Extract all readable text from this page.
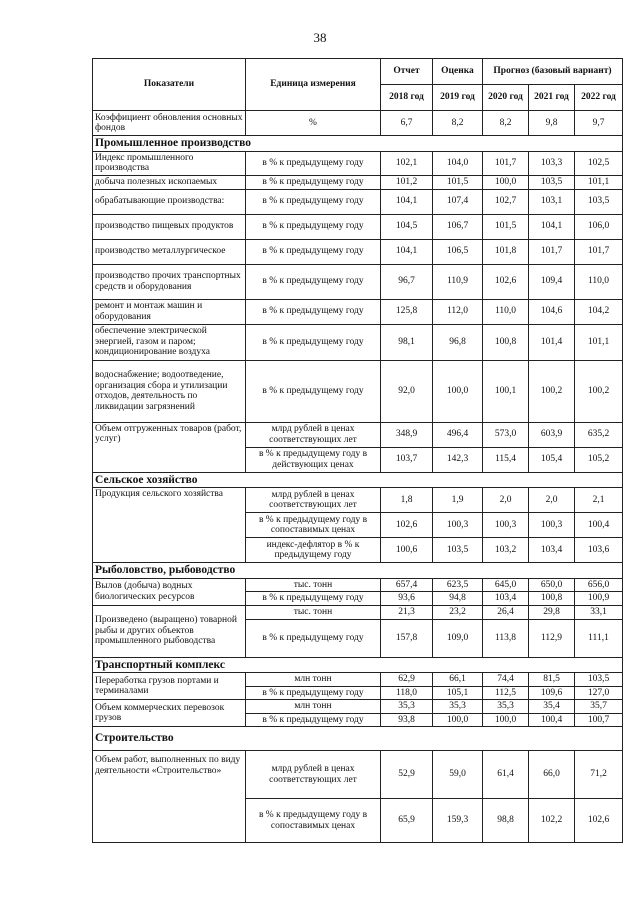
38
Показатели	Единица измерения	Отчет	Оценка	Прогноз (базовый вариант)		
		2018 год	2019 год	2020 год	2021 год	2022 год
Коэффициент обновления основных фондов	%	6,7	8,2	8,2	9,8	9,7
Промышленное производство						
Индекс промышленного производства	в % к предыдущему году	102,1	104,0	101,7	103,3	102,5
добыча полезных ископаемых	в % к предыдущему году	101,2	101,5	100,0	103,5	101,1
обрабатывающие производства:	в % к предыдущему году	104,1	107,4	102,7	103,1	103,5
производство пищевых продуктов	в % к предыдущему году	104,5	106,7	101,5	104,1	106,0
производство металлургическое	в % к предыдущему году	104,1	106,5	101,8	101,7	101,7
производство прочих транспортных средств и оборудования	в % к предыдущему году	96,7	110,9	102,6	109,4	110,0
ремонт и монтаж машин и оборудования	в % к предыдущему году	125,8	112,0	110,0	104,6	104,2
обеспечение электрической энергией, газом и паром; кондиционирование воздуха	в % к предыдущему году	98,1	96,8	100,8	101,4	101,1
водоснабжение; водоотведение, организация сбора и утилизации отходов, деятельность по ликвидации загрязнений	в % к предыдущему году	92,0	100,0	100,1	100,2	100,2
Объем отгруженных товаров (работ, услуг)	млрд рублей в ценах соответствующих лет	348,9	496,4	573,0	603,9	635,2
	в % к предыдущему году в действующих ценах	103,7	142,3	115,4	105,4	105,2
Сельское хозяйство						
Продукция сельского хозяйства	млрд рублей в ценах соответствующих лет	1,8	1,9	2,0	2,0	2,1
	в % к предыдущему году в сопоставимых ценах	102,6	100,3	100,3	100,3	100,4
	индекс-дефлятор в % к предыдущему году	100,6	103,5	103,2	103,4	103,6
Рыболовство, рыбоводство						
Вылов (добыча) водных биологических ресурсов	тыс. тонн	657,4	623,5	645,0	650,0	656,0
	в % к предыдущему году	93,6	94,8	103,4	100,8	100,9
Произведено (выращено) товарной рыбы и других объектов промышленного рыбоводства	тыс. тонн	21,3	23,2	26,4	29,8	33,1
	в % к предыдущему году	157,8	109,0	113,8	112,9	111,1
Транспортный комплекс						
Переработка грузов портами и терминалами	млн тонн	62,9	66,1	74,4	81,5	103,5
	в % к предыдущему году	118,0	105,1	112,5	109,6	127,0
Объем коммерческих перевозок грузов	млн тонн	35,3	35,3	35,3	35,4	35,7
	в % к предыдущему году	93,8	100,0	100,0	100,4	100,7
Строительство						
Объем работ, выполненных по виду деятельности «Строительство»	млрд рублей в ценах соответствующих лет	52,9	59,0	61,4	66,0	71,2
	в % к предыдущему году в сопоставимых ценах	65,9	159,3	98,8	102,2	102,6
